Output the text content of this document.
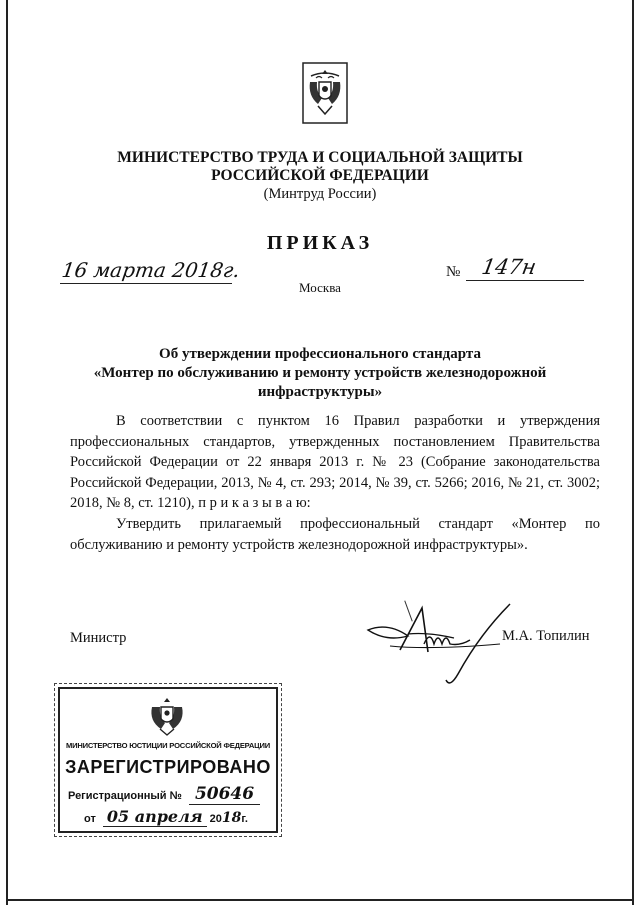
МИНИСТЕРСТВО ТРУДА И СОЦИАЛЬНОЙ ЗАЩИТЫ
РОССИЙСКОЙ ФЕДЕРАЦИИ
(Минтруд России)
ПРИКАЗ
16 марта 2018г.	№ 147н
Москва
Об утверждении профессионального стандарта
«Монтер по обслуживанию и ремонту устройств железнодорожной
инфраструктуры»
В соответствии с пунктом 16 Правил разработки и утверждения профессиональных стандартов, утвержденных постановлением Правительства Российской Федерации от 22 января 2013 г. № 23 (Собрание законодательства Российской Федерации, 2013, № 4, ст. 293; 2014, № 39, ст. 5266; 2016, № 21, ст. 3002; 2018, № 8, ст. 1210), п р и к а з ы в а ю:
Утвердить прилагаемый профессиональный стандарт «Монтер по обслуживанию и ремонту устройств железнодорожной инфраструктуры».
Министр	М.А. Топилин
МИНИСТЕРСТВО ЮСТИЦИИ РОССИЙСКОЙ ФЕДЕРАЦИИ
ЗАРЕГИСТРИРОВАНО
Регистрационный № 50646
от 05 апреля 2018г.
